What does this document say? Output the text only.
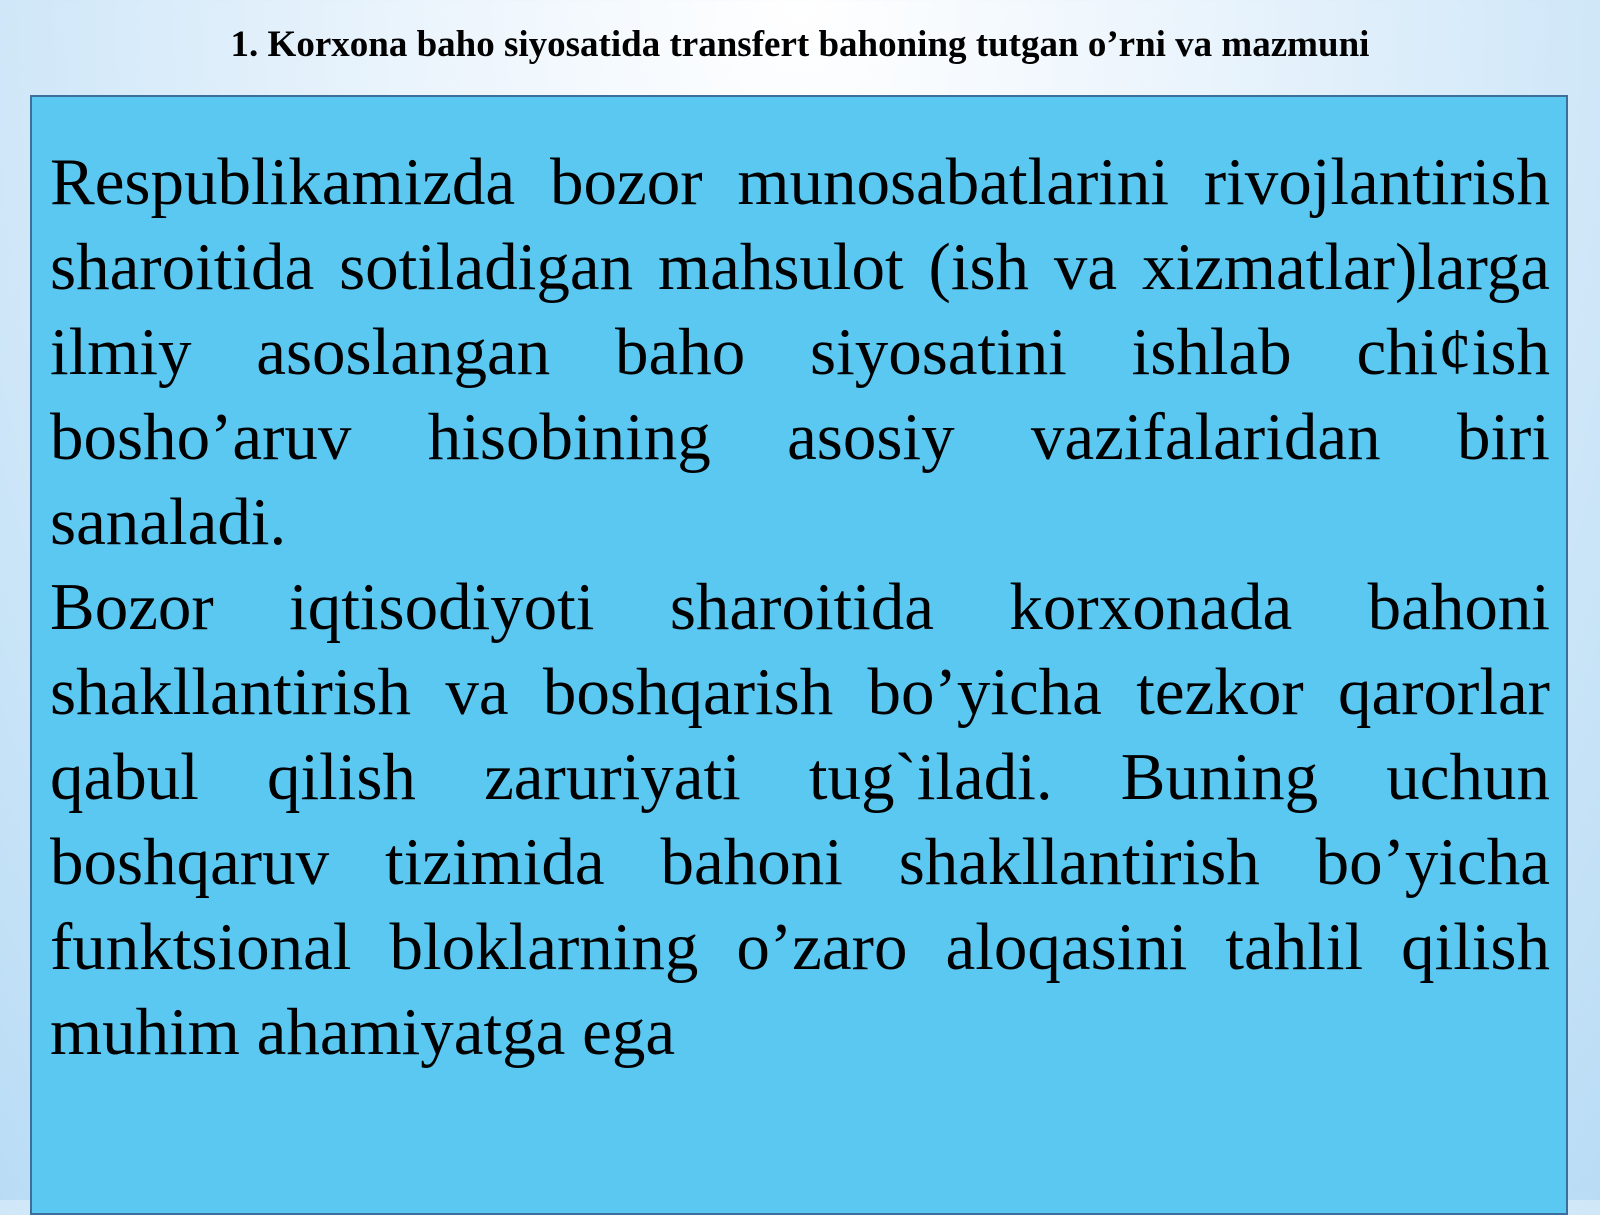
1. Korxona baho siyosatida transfert bahoning tutgan o’rni va mazmuni

Respublikamizda bozor munosabatlarini rivojlantirish sharoitida sotiladigan mahsulot (ish va xizmatlar)larga ilmiy asoslangan baho siyosatini ishlab chi¢ish bosho’aruv hisobining asosiy vazifalaridan biri sanaladi.

Bozor iqtisodiyoti sharoitida korxonada bahoni shakllantirish va boshqarish bo’yicha tezkor qarorlar qabul qilish zaruriyati tug`iladi. Buning uchun boshqaruv tizimida bahoni shakllantirish bo’yicha funktsional bloklarning o’zaro aloqasini tahlil qilish muhim ahamiyatga ega
